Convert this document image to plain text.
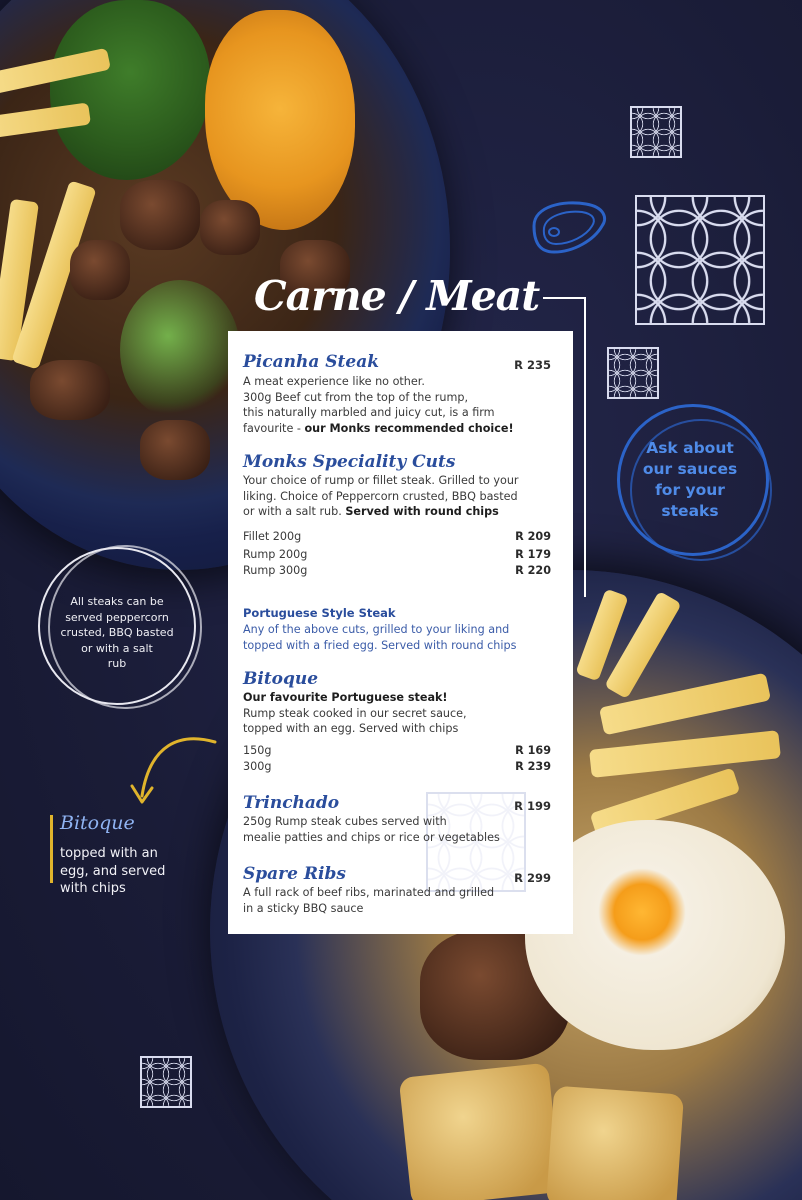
Carne / Meat
Picanha Steak	R 235
A meat experience like no other.
300g Beef cut from the top of the rump,
this naturally marbled and juicy cut, is a firm
favourite - our Monks recommended choice!
Monks Speciality Cuts
Your choice of rump or fillet steak. Grilled to your
liking. Choice of Peppercorn crusted, BBQ basted
or with a salt rub. Served with round chips
Fillet 200g	R 209
Rump 200g	R 179
Rump 300g	R 220
Portuguese Style Steak
Any of the above cuts, grilled to your liking and
topped with a fried egg. Served with round chips
Bitoque
Our favourite Portuguese steak!
Rump steak cooked in our secret sauce,
topped with an egg. Served with chips
150g	R 169
300g	R 239
Trinchado	R 199
250g Rump steak cubes served with
mealie patties and chips or rice or vegetables
Spare Ribs	R 299
A full rack of beef ribs, marinated and grilled
in a sticky BBQ sauce
Ask about
our sauces
for your
steaks
All steaks can be
served peppercorn
crusted, BBQ basted
or with a salt
rub
Bitoque
topped with an
egg, and served
with chips
